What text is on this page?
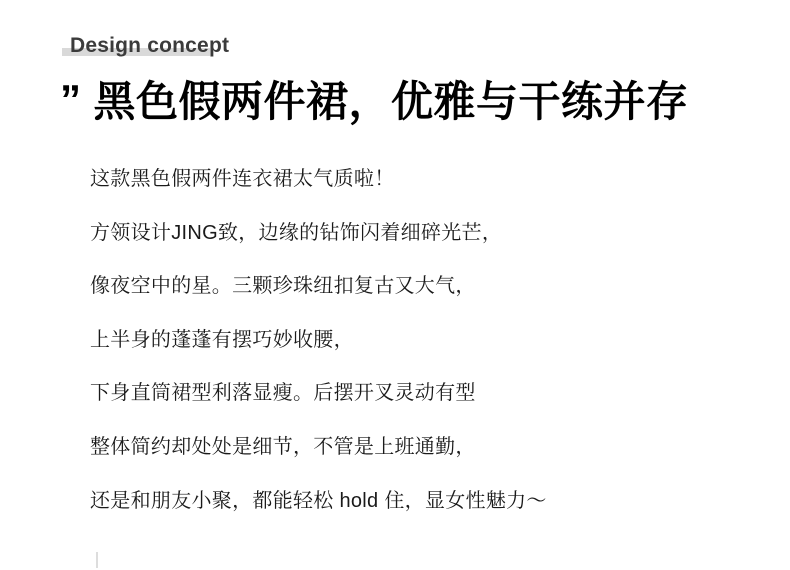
Design concept
” 黑色假两件裙，优雅与干练并存

这款黑色假两件连衣裙太气质啦！

方领设计JING致，边缘的钻饰闪着细碎光芒，

像夜空中的星。三颗珍珠纽扣复古又大气，

上半身的蓬蓬有摆巧妙收腰，

下身直筒裙型利落显瘦。后摆开叉灵动有型

整体简约却处处是细节，不管是上班通勤，

还是和朋友小聚，都能轻松 hold 住，显女性魅力～
